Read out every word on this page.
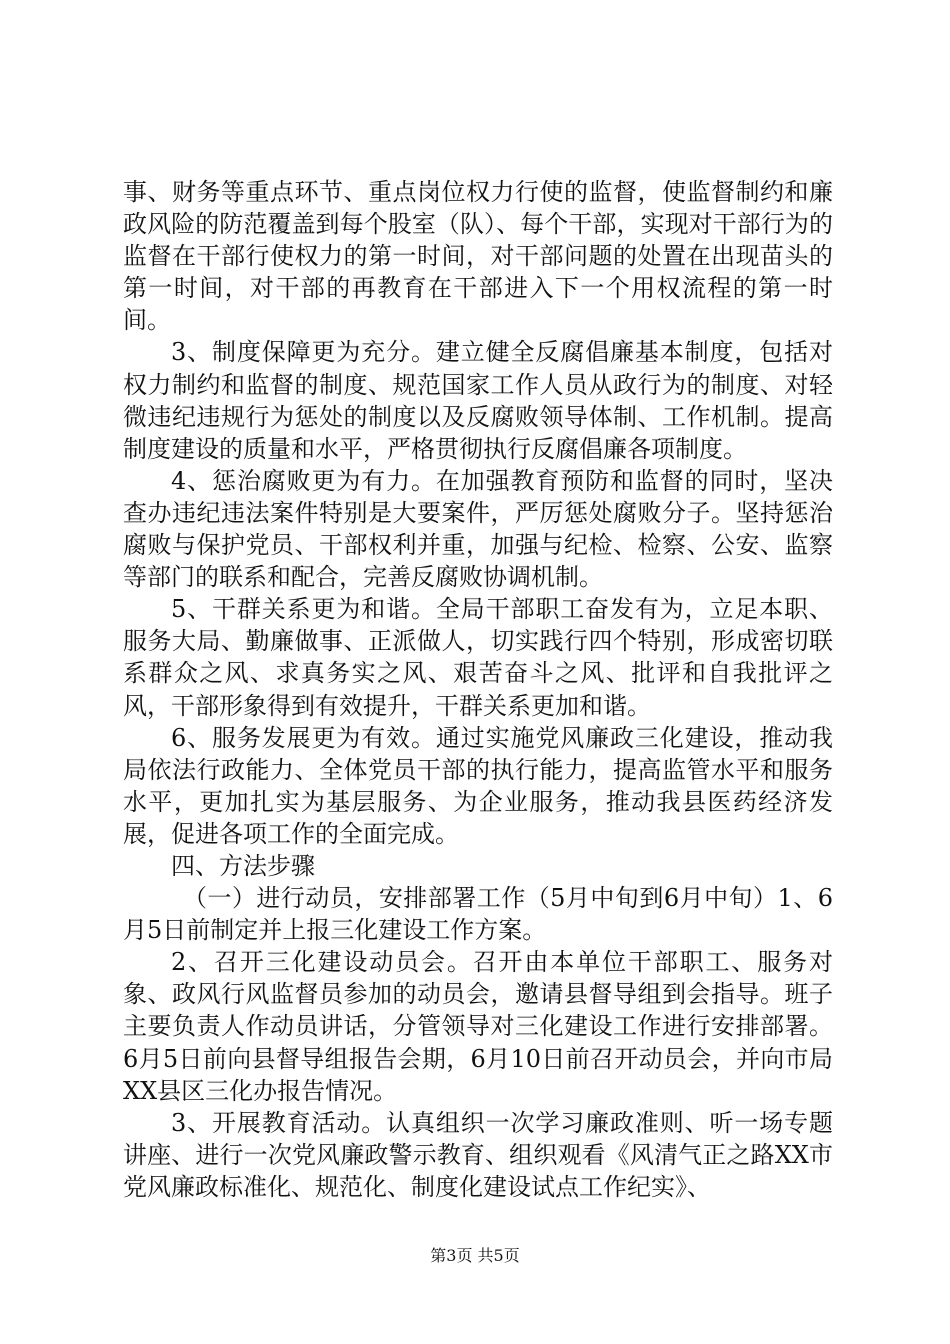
事、财务等重点环节、重点岗位权力行使的监督，使监督制约和廉政风险的防范覆盖到每个股室（队）、每个干部，实现对干部行为的监督在干部行使权力的第一时间，对干部问题的处置在出现苗头的第一时间，对干部的再教育在干部进入下一个用权流程的第一时间。

3、制度保障更为充分。建立健全反腐倡廉基本制度，包括对权力制约和监督的制度、规范国家工作人员从政行为的制度、对轻微违纪违规行为惩处的制度以及反腐败领导体制、工作机制。提高制度建设的质量和水平，严格贯彻执行反腐倡廉各项制度。

4、惩治腐败更为有力。在加强教育预防和监督的同时，坚决查办违纪违法案件特别是大要案件，严厉惩处腐败分子。坚持惩治腐败与保护党员、干部权利并重，加强与纪检、检察、公安、监察等部门的联系和配合，完善反腐败协调机制。

5、干群关系更为和谐。全局干部职工奋发有为，立足本职、服务大局、勤廉做事、正派做人，切实践行四个特别，形成密切联系群众之风、求真务实之风、艰苦奋斗之风、批评和自我批评之风，干部形象得到有效提升，干群关系更加和谐。

6、服务发展更为有效。通过实施党风廉政三化建设，推动我局依法行政能力、全体党员干部的执行能力，提高监管水平和服务水平，更加扎实为基层服务、为企业服务，推动我县医药经济发展，促进各项工作的全面完成。

四、方法步骤

（一）进行动员，安排部署工作（5月中旬到6月中旬）1、6月5日前制定并上报三化建设工作方案。

2、召开三化建设动员会。召开由本单位干部职工、服务对象、政风行风监督员参加的动员会，邀请县督导组到会指导。班子主要负责人作动员讲话，分管领导对三化建设工作进行安排部署。6月5日前向县督导组报告会期，6月10日前召开动员会，并向市局XX县区三化办报告情况。

3、开展教育活动。认真组织一次学习廉政准则、听一场专题讲座、进行一次党风廉政警示教育、组织观看《风清气正之路XX市党风廉政标准化、规范化、制度化建设试点工作纪实》、

第3页 共5页
